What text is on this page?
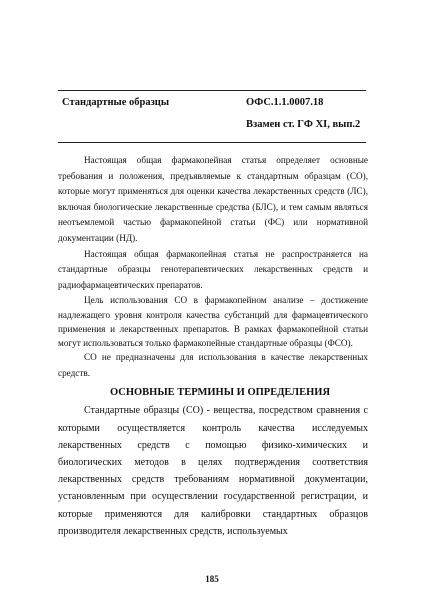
Стандартные образцы	ОФС.1.1.0007.18
Взамен ст. ГФ XI, вып.2

Настоящая общая фармакопейная статья определяет основные требования и положения, предъявляемые к стандартным образцам (СО), которые могут применяться для оценки качества лекарственных средств (ЛС), включая биологические лекарственные средства (БЛС), и тем самым являться неотъемлемой частью фармакопейной статьи (ФС) или нормативной документации (НД).

Настоящая общая фармакопейная статья не распространяется на стандартные образцы генотерапевтических лекарственных средств и радиофармацевтических препаратов.

Цель использования СО в фармакопейном анализе – достижение надлежащего уровня контроля качества субстанций для фармацевтического применения и лекарственных препаратов. В рамках фармакопейной статьи могут использоваться только фармакопейные стандартные образцы (ФСО).

СО не предназначены для использования в качестве лекарственных средств.

ОСНОВНЫЕ ТЕРМИНЫ И ОПРЕДЕЛЕНИЯ

Стандартные образцы (СО) - вещества, посредством сравнения с которыми осуществляется контроль качества исследуемых лекарственных средств с помощью физико-химических и биологических методов в целях подтверждения соответствия лекарственных средств требованиям нормативной документации, установленным при осуществлении государственной регистрации, и которые применяются для калибровки стандартных образцов производителя лекарственных средств, используемых

185
